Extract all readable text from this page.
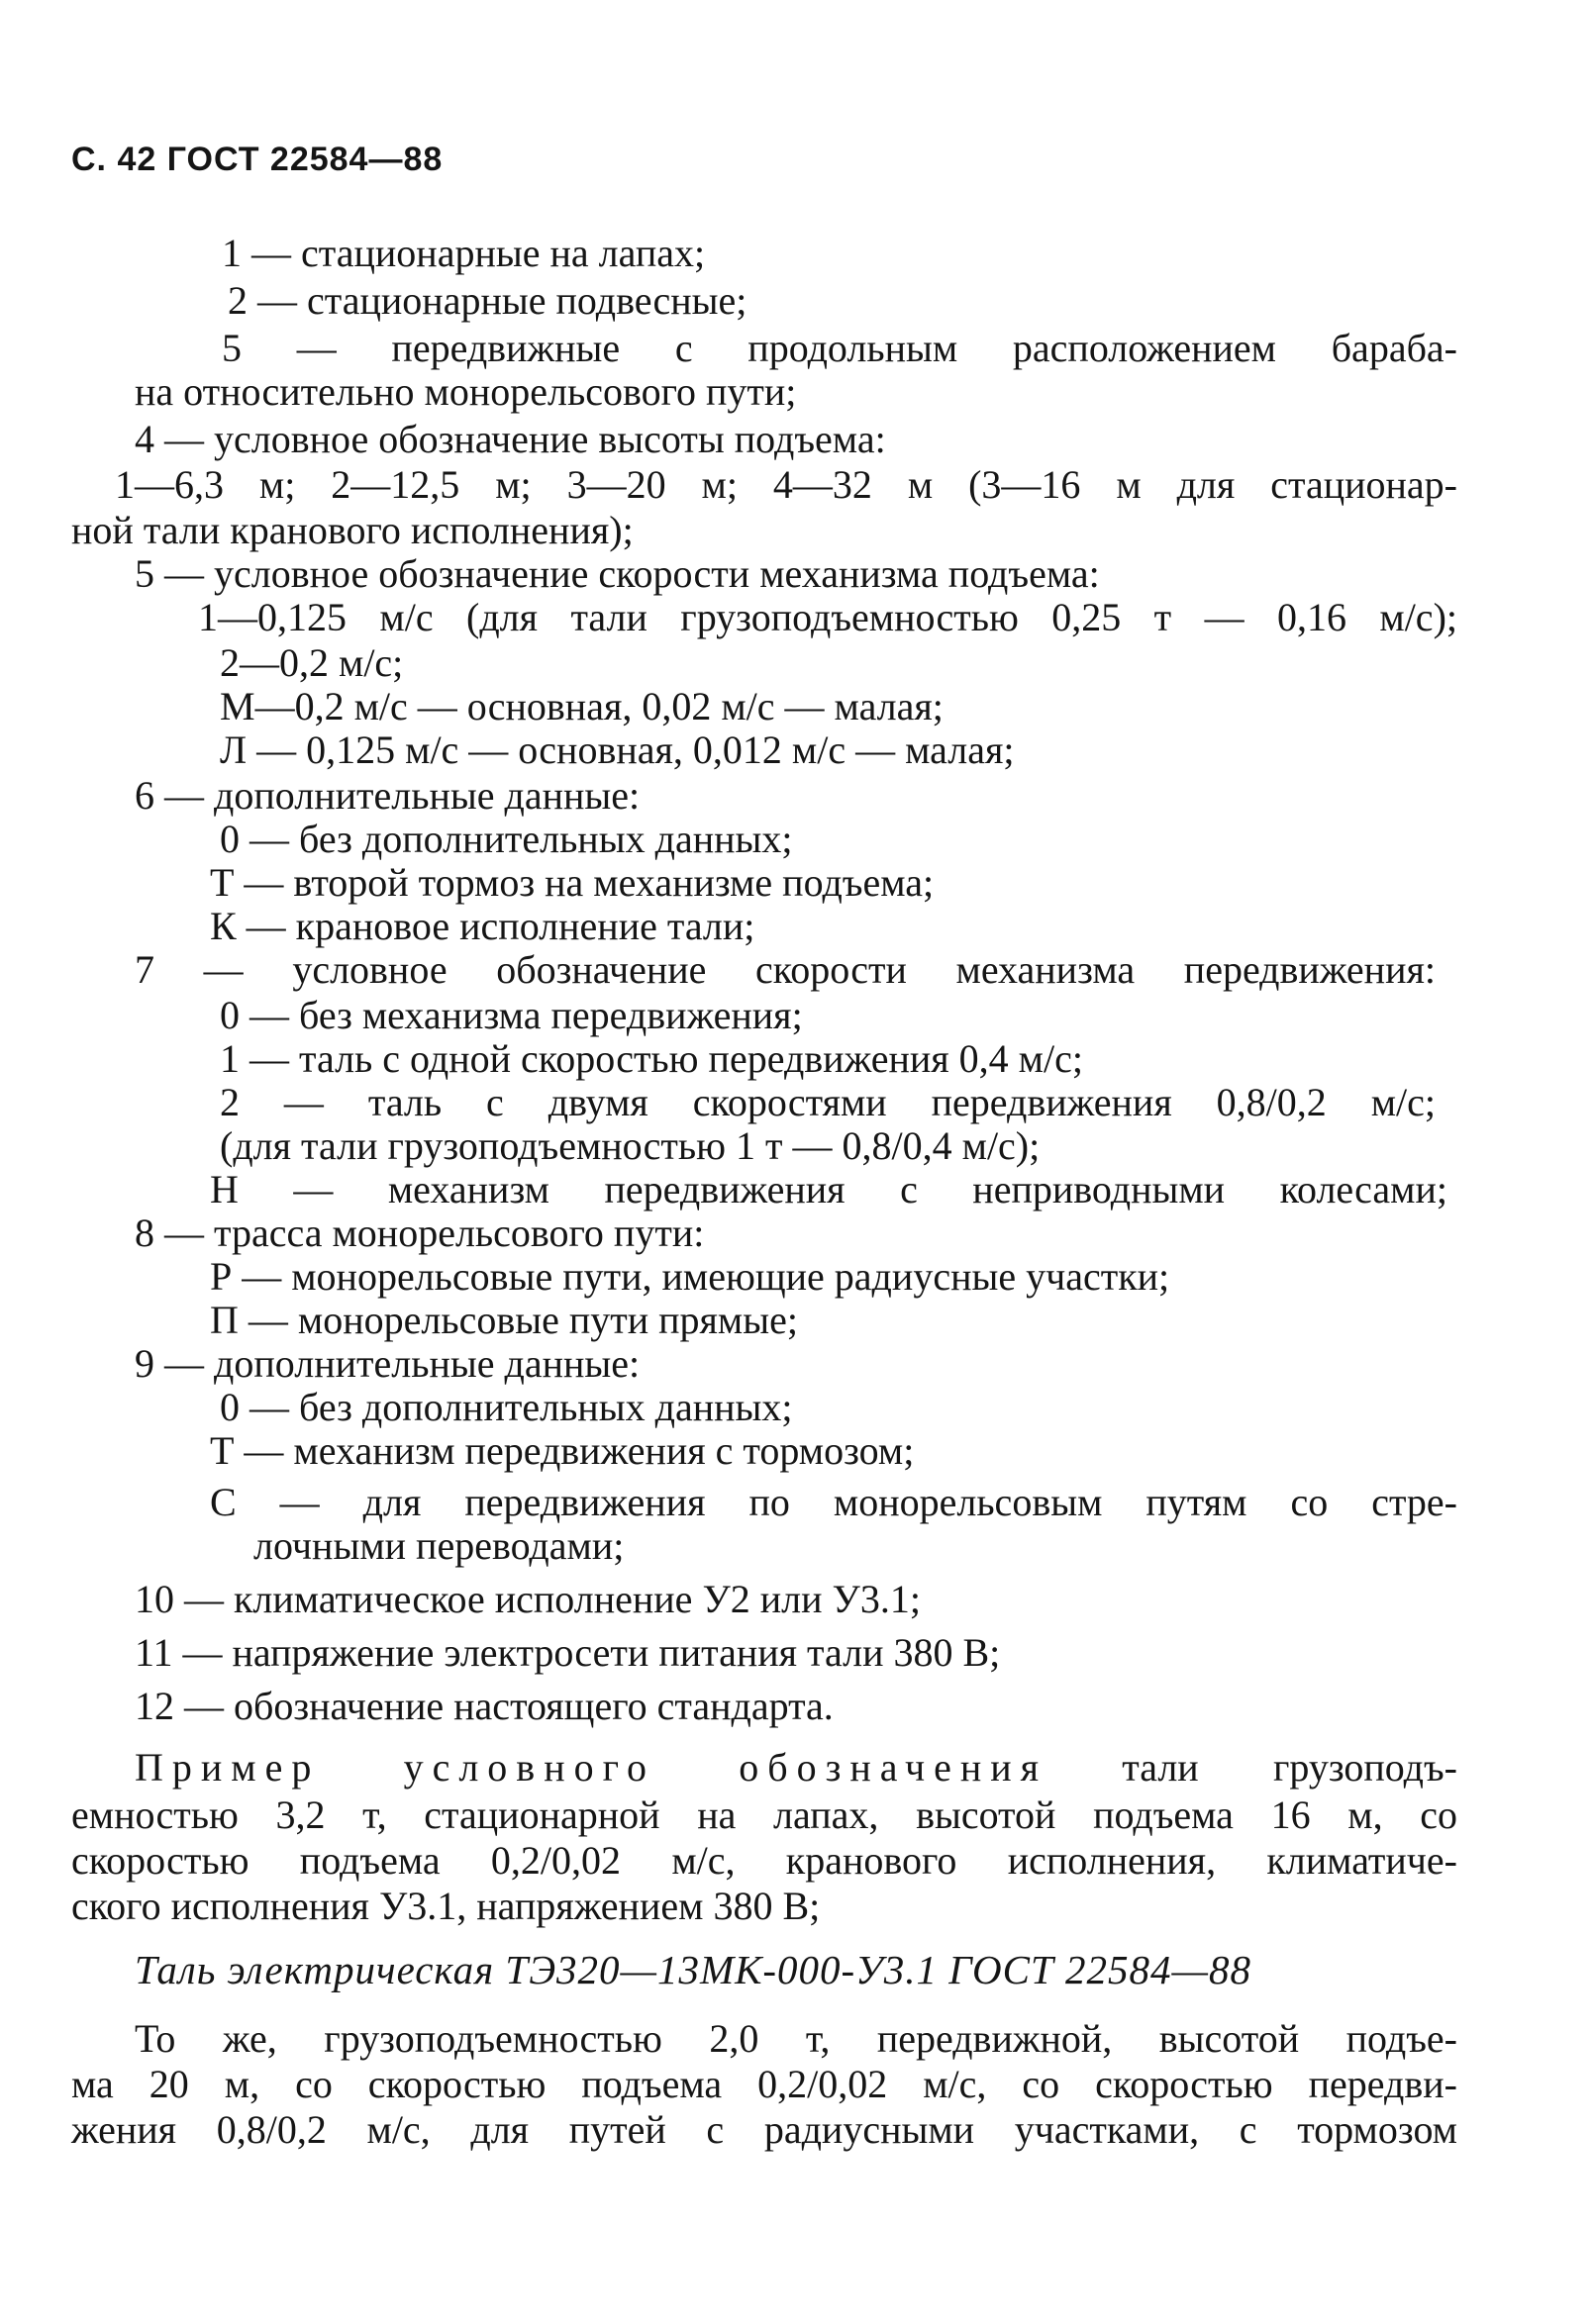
С. 42 ГОСТ 22584—88
1 — стационарные на лапах;
2 — стационарные подвесные;
5 — передвижные с продольным расположением бараба-
на относительно монорельсового пути;
4 — условное обозначение высоты подъема:
1—6,3 м; 2—12,5 м; 3—20 м; 4—32 м (3—16 м для стационар-
ной тали кранового исполнения);
5 — условное обозначение скорости механизма подъема:
1—0,125 м/с (для тали грузоподъемностью 0,25 т — 0,16 м/с);
2—0,2 м/с;
М—0,2 м/с — основная, 0,02 м/с — малая;
Л — 0,125 м/с — основная, 0,012 м/с — малая;
6 — дополнительные данные:
0 — без дополнительных данных;
Т — второй тормоз на механизме подъема;
К — крановое исполнение тали;
7 — условное обозначение скорости механизма передвижения:
0 — без механизма передвижения;
1 — таль с одной скоростью передвижения 0,4 м/с;
2 — таль с двумя скоростями передвижения 0,8/0,2 м/с;
(для тали грузоподъемностью 1 т — 0,8/0,4 м/с);
Н — механизм передвижения с неприводными колесами;
8 — трасса монорельсового пути:
Р — монорельсовые пути, имеющие радиусные участки;
П — монорельсовые пути прямые;
9 — дополнительные данные:
0 — без дополнительных данных;
Т — механизм передвижения с тормозом;
С — для передвижения по монорельсовым путям со стре-
лочными переводами;
10 — климатическое исполнение У2 или У3.1;
11 — напряжение электросети питания тали 380 В;
12 — обозначение настоящего стандарта.
Пример условного обозначения тали грузоподъ-
емностью 3,2 т, стационарной на лапах, высотой подъема 16 м, со
скоростью подъема 0,2/0,02 м/с, кранового исполнения, климатиче-
ского исполнения У3.1, напряжением 380 В;
Таль электрическая ТЭ320—13МК-000-У3.1 ГОСТ 22584—88
То же, грузоподъемностью 2,0 т, передвижной, высотой подъе-
ма 20 м, со скоростью подъема 0,2/0,02 м/с, со скоростью передви-
жения 0,8/0,2 м/с, для путей с радиусными участками, с тормозом
